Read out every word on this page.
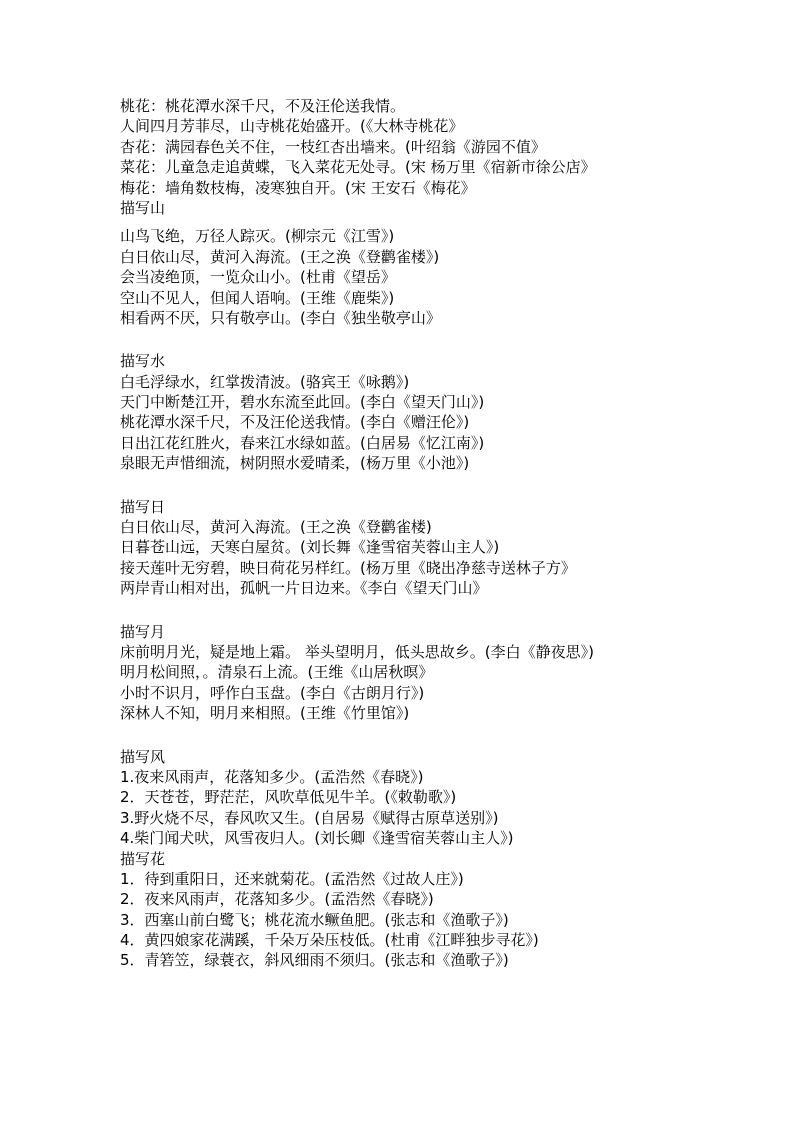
桃花：桃花潭水深千尺，不及汪伦送我情。
人间四月芳菲尽，山寺桃花始盛开。(《大林寺桃花》
杏花：满园春色关不住，一枝红杏出墙来。(叶绍翁《游园不值》
菜花：儿童急走追黄蝶，飞入菜花无处寻。(宋 杨万里《宿新市徐公店》
梅花：墙角数枝梅，凌寒独自开。(宋 王安石《梅花》
描写山
山鸟飞绝，万径人踪灭。(柳宗元《江雪》)
白日依山尽，黄河入海流。(王之涣《登鹳雀楼》)
会当凌绝顶，一览众山小。(杜甫《望岳》
空山不见人，但闻人语响。(王维《鹿柴》)
相看两不厌，只有敬亭山。(李白《独坐敬亭山》
描写水
白毛浮绿水，红掌拨清波。(骆宾王《咏鹅》)
天门中断楚江开，碧水东流至此回。(李白《望天门山》)
桃花潭水深千尺，不及汪伦送我情。(李白《赠汪伦》)
日出江花红胜火，春来江水绿如蓝。(白居易《忆江南》)
泉眼无声惜细流，树阴照水爱晴柔，(杨万里《小池》)
描写日
白日依山尽，黄河入海流。(王之涣《登鹳雀楼)
日暮苍山远，天寒白屋贫。(刘长舞《逢雪宿芙蓉山主人》)
接天莲叶无穷碧，映日荷花另样红。(杨万里《晓出净慈寺送林子方》
两岸青山相对出，孤帆一片日边来。《李白《望天门山》
描写月
床前明月光，疑是地上霜。 举头望明月，低头思故乡。(李白《静夜思》)
明月松间照，。清泉石上流。(王维《山居秋暝》
小时不识月，呼作白玉盘。(李白《古朗月行》)
深林人不知，明月来相照。(王维《竹里馆》)
描写风
1.夜来风雨声，花落知多少。(孟浩然《春晓》)
2．天苍苍，野茫茫，风吹草低见牛羊。(《敕勒歌》)
3.野火烧不尽，春风吹又生。(自居易《赋得古原草送别》)
4.柴门闻犬吠，风雪夜归人。(刘长卿《逢雪宿芙蓉山主人》)
描写花
1．待到重阳日，还来就菊花。(孟浩然《过故人庄》)
2．夜来风雨声，花落知多少。(孟浩然《春晓》)
3．西塞山前白鹭飞；桃花流水鳜鱼肥。(张志和《渔歌子》)
4．黄四娘家花满蹊，千朵万朵压枝低。(杜甫《江畔独步寻花》)
5．青箬笠，绿蓑衣，斜风细雨不须归。(张志和《渔歌子》)
